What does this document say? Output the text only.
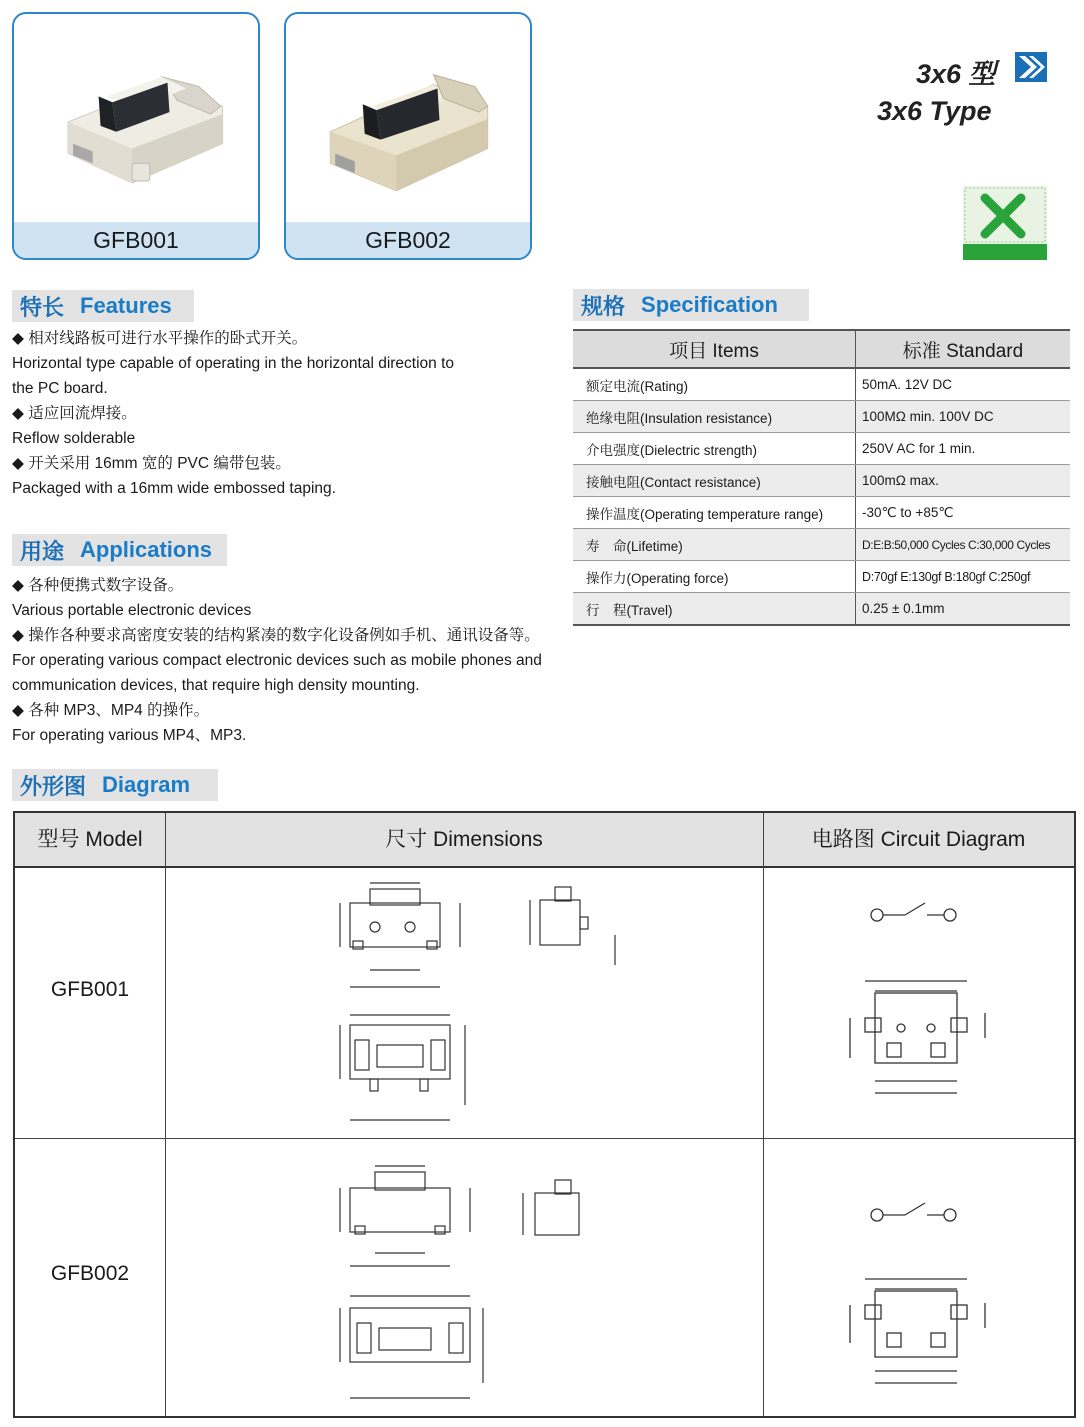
GFB001	GFB002
3x6 型
3x6 Type
特长 Features
◆ 相对线路板可进行水平操作的卧式开关。
Horizontal type capable of operating in the horizontal direction to
the PC board.
◆ 适应回流焊接。
Reflow solderable
◆ 开关采用 16mm 宽的 PVC 编带包装。
Packaged with a 16mm wide embossed taping.
用途 Applications
◆ 各种便携式数字设备。
Various portable electronic devices
◆ 操作各种要求高密度安装的结构紧凑的数字化设备例如手机、通讯设备等。
For operating various compact electronic devices such as mobile phones and
communication devices, that require high density mounting.
◆ 各种 MP3、MP4 的操作。
For operating various MP4、MP3.
规格 Specification
项目 Items	标准 Standard
额定电流(Rating)	50mA. 12V DC
绝缘电阻(Insulation resistance)	100MΩ min. 100V DC
介电强度(Dielectric strength)	250V AC for 1 min.
接触电阻(Contact resistance)	100mΩ max.
操作温度(Operating temperature range)	-30℃ to +85℃
寿　命(Lifetime)	D:E:B:50,000 Cycles C:30,000 Cycles
操作力(Operating force)	D:70gf E:130gf B:180gf C:250gf
行　程(Travel)	0.25 ± 0.1mm
外形图 Diagram
型号 Model	尺寸 Dimensions	电路图 Circuit Diagram
GFB001
GFB002
